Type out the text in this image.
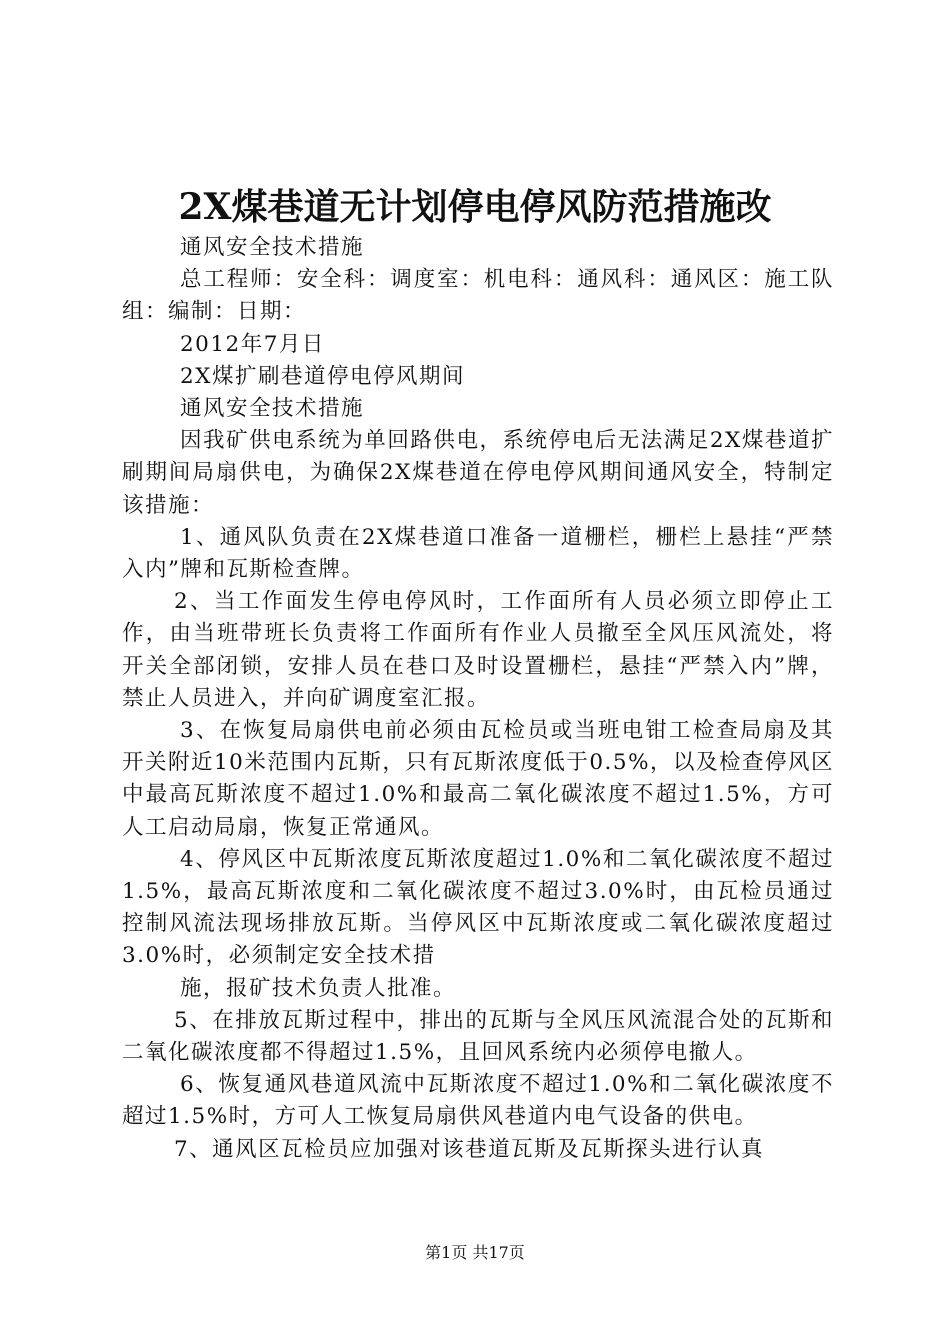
2X煤巷道无计划停电停风防范措施改

通风安全技术措施

总工程师：安全科：调度室：机电科：通风科：通风区：施工队组：编制：日期：

2012年7月日

2X煤扩刷巷道停电停风期间

通风安全技术措施

因我矿供电系统为单回路供电，系统停电后无法满足2X煤巷道扩刷期间局扇供电，为确保2X煤巷道在停电停风期间通风安全，特制定该措施：

1、通风队负责在2X煤巷道口准备一道栅栏，栅栏上悬挂“严禁入内”牌和瓦斯检查牌。

2、当工作面发生停电停风时，工作面所有人员必须立即停止工作，由当班带班长负责将工作面所有作业人员撤至全风压风流处，将开关全部闭锁，安排人员在巷口及时设置栅栏，悬挂“严禁入内”牌，禁止人员进入，并向矿调度室汇报。

3、在恢复局扇供电前必须由瓦检员或当班电钳工检查局扇及其开关附近10米范围内瓦斯，只有瓦斯浓度低于0.5%，以及检查停风区中最高瓦斯浓度不超过1.0%和最高二氧化碳浓度不超过1.5%，方可人工启动局扇，恢复正常通风。

4、停风区中瓦斯浓度瓦斯浓度超过1.0%和二氧化碳浓度不超过1.5%，最高瓦斯浓度和二氧化碳浓度不超过3.0%时，由瓦检员通过控制风流法现场排放瓦斯。当停风区中瓦斯浓度或二氧化碳浓度超过3.0%时，必须制定安全技术措

施，报矿技术负责人批准。

5、在排放瓦斯过程中，排出的瓦斯与全风压风流混合处的瓦斯和二氧化碳浓度都不得超过1.5%，且回风系统内必须停电撤人。

6、恢复通风巷道风流中瓦斯浓度不超过1.0%和二氧化碳浓度不超过1.5%时，方可人工恢复局扇供风巷道内电气设备的供电。

7、通风区瓦检员应加强对该巷道瓦斯及瓦斯探头进行认真

第1页 共17页
